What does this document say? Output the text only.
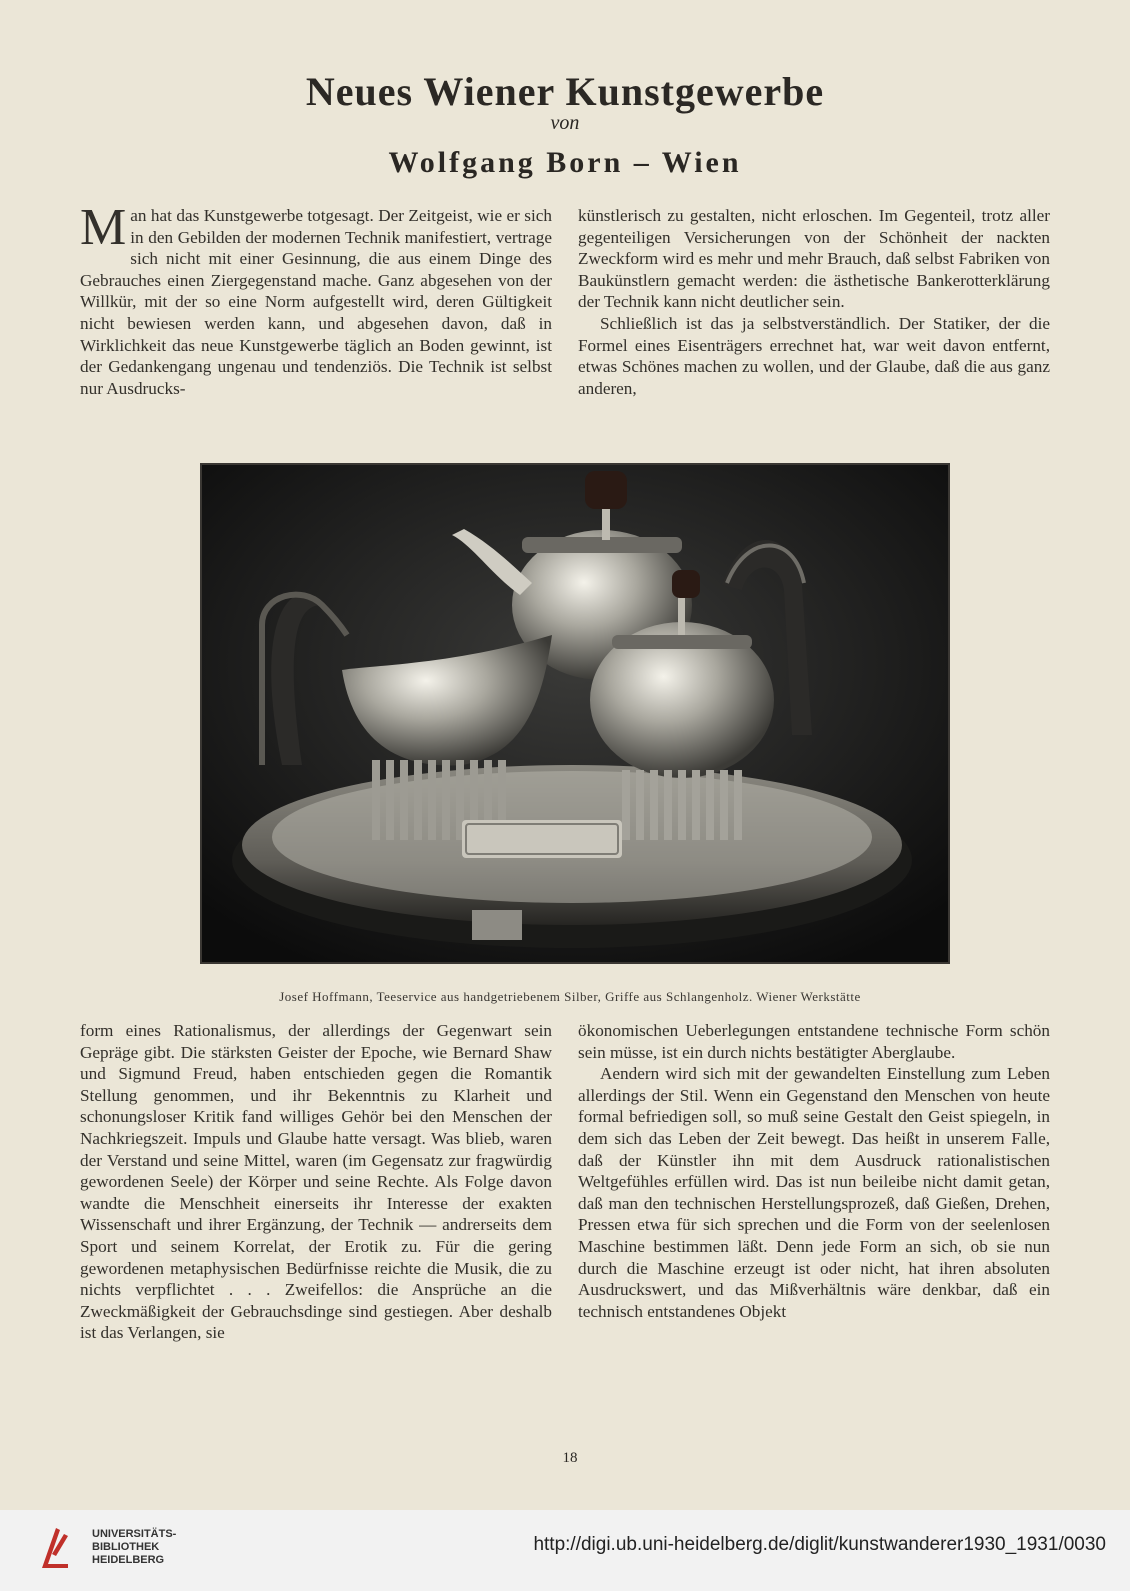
Neues Wiener Kunstgewerbe
von
Wolfgang Born – Wien

M an hat das Kunstgewerbe totgesagt. Der Zeitgeist, wie er sich in den Gebilden der modernen Technik manifestiert, vertrage sich nicht mit einer Gesinnung, die aus einem Dinge des Gebrauches einen Ziergegenstand mache. Ganz abgesehen von der Willkür, mit der so eine Norm aufgestellt wird, deren Gültigkeit nicht bewiesen werden kann, und abgesehen davon, daß in Wirklichkeit das neue Kunstgewerbe täglich an Boden gewinnt, ist der Gedankengang ungenau und tendenziös. Die Technik ist selbst nur Ausdrucks-

künstlerisch zu gestalten, nicht erloschen. Im Gegenteil, trotz aller gegenteiligen Versicherungen von der Schönheit der nackten Zweckform wird es mehr und mehr Brauch, daß selbst Fabriken von Baukünstlern gemacht werden: die ästhetische Bankerotterklärung der Technik kann nicht deutlicher sein.

Schließlich ist das ja selbstverständlich. Der Statiker, der die Formel eines Eisenträgers errechnet hat, war weit davon entfernt, etwas Schönes machen zu wollen, und der Glaube, daß die aus ganz anderen,

Josef Hoffmann, Teeservice aus handgetriebenem Silber, Griffe aus Schlangenholz. Wiener Werkstätte

form eines Rationalismus, der allerdings der Gegenwart sein Gepräge gibt. Die stärksten Geister der Epoche, wie Bernard Shaw und Sigmund Freud, haben entschieden gegen die Romantik Stellung genommen, und ihr Bekenntnis zu Klarheit und schonungsloser Kritik fand williges Gehör bei den Menschen der Nachkriegszeit. Impuls und Glaube hatte versagt. Was blieb, waren der Verstand und seine Mittel, waren (im Gegensatz zur fragwürdig gewordenen Seele) der Körper und seine Rechte. Als Folge davon wandte die Menschheit einerseits ihr Interesse der exakten Wissenschaft und ihrer Ergänzung, der Technik — andrerseits dem Sport und seinem Korrelat, der Erotik zu. Für die gering gewordenen metaphysischen Bedürfnisse reichte die Musik, die zu nichts verpflichtet . . . Zweifellos: die Ansprüche an die Zweckmäßigkeit der Gebrauchsdinge sind gestiegen. Aber deshalb ist das Verlangen, sie

ökonomischen Ueberlegungen entstandene technische Form schön sein müsse, ist ein durch nichts bestätigter Aberglaube.

Aendern wird sich mit der gewandelten Einstellung zum Leben allerdings der Stil. Wenn ein Gegenstand den Menschen von heute formal befriedigen soll, so muß seine Gestalt den Geist spiegeln, in dem sich das Leben der Zeit bewegt. Das heißt in unserem Falle, daß der Künstler ihn mit dem Ausdruck rationalistischen Weltgefühles erfüllen wird. Das ist nun beileibe nicht damit getan, daß man den technischen Herstellungsprozeß, daß Gießen, Drehen, Pressen etwa für sich sprechen und die Form von der seelenlosen Maschine bestimmen läßt. Denn jede Form an sich, ob sie nun durch die Maschine erzeugt ist oder nicht, hat ihren absoluten Ausdruckswert, und das Mißverhältnis wäre denkbar, daß ein technisch entstandenes Objekt

18
UNIVERSITÄTS-
BIBLIOTHEK
HEIDELBERG
http://digi.ub.uni-heidelberg.de/diglit/kunstwanderer1930_1931/0030
